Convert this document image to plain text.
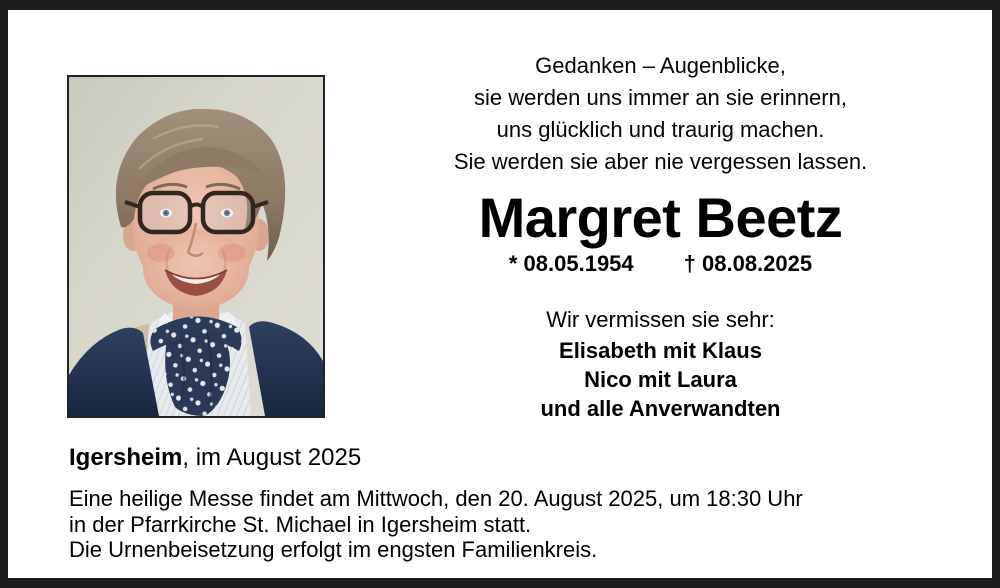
Gedanken – Augenblicke,
sie werden uns immer an sie erinnern,
uns glücklich und traurig machen.
Sie werden sie aber nie vergessen lassen.
Margret Beetz
* 08.05.1954 † 08.08.2025
Wir vermissen sie sehr:
Elisabeth mit Klaus
Nico mit Laura
und alle Anverwandten
Igersheim, im August 2025
Eine heilige Messe findet am Mittwoch, den 20. August 2025, um 18:30 Uhr
in der Pfarrkirche St. Michael in Igersheim statt.
Die Urnenbeisetzung erfolgt im engsten Familienkreis.
